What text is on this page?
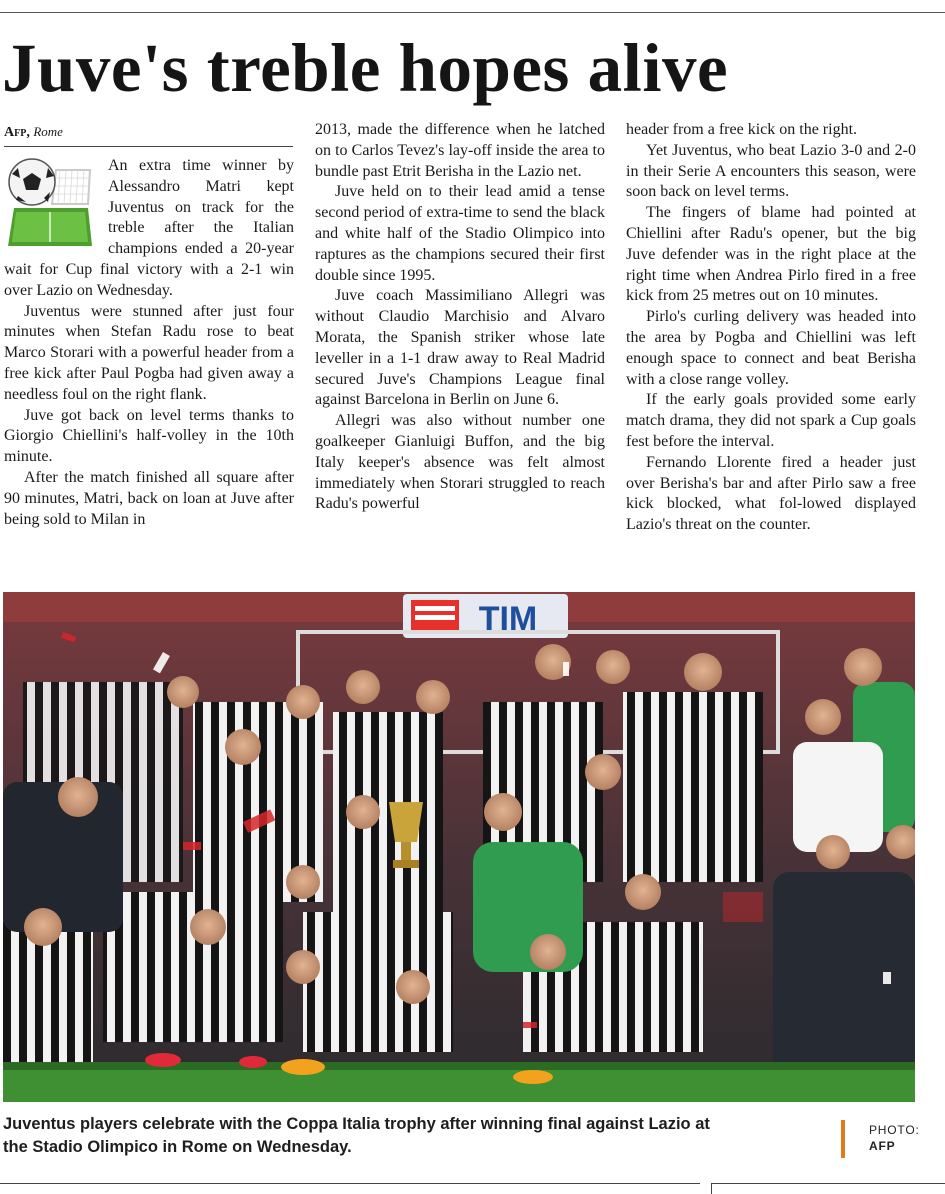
Juve's treble hopes alive
Afp, Rome

An extra time winner by Alessandro Matri kept Juventus on track for the treble after the Italian champions ended a 20-year wait for Cup final victory with a 2-1 win over Lazio on Wednesday.

Juventus were stunned after just four minutes when Stefan Radu rose to beat Marco Storari with a powerful header from a free kick after Paul Pogba had given away a needless foul on the right flank.

Juve got back on level terms thanks to Giorgio Chiellini's half-volley in the 10th minute.

After the match finished all square after 90 minutes, Matri, back on loan at Juve after being sold to Milan in

2013, made the difference when he latched on to Carlos Tevez's lay-off inside the area to bundle past Etrit Berisha in the Lazio net.

Juve held on to their lead amid a tense second period of extra-time to send the black and white half of the Stadio Olimpico into raptures as the champions secured their first double since 1995.

Juve coach Massimiliano Allegri was without Claudio Marchisio and Alvaro Morata, the Spanish striker whose late leveller in a 1-1 draw away to Real Madrid secured Juve's Champions League final against Barcelona in Berlin on June 6.

Allegri was also without number one goalkeeper Gianluigi Buffon, and the big Italy keeper's absence was felt almost immediately when Storari struggled to reach Radu's powerful

header from a free kick on the right.

Yet Juventus, who beat Lazio 3-0 and 2-0 in their Serie A encounters this season, were soon back on level terms.

The fingers of blame had pointed at Chiellini after Radu's opener, but the big Juve defender was in the right place at the right time when Andrea Pirlo fired in a free kick from 25 metres out on 10 minutes.

Pirlo's curling delivery was headed into the area by Pogba and Chiellini was left enough space to connect and beat Berisha with a close range volley.

If the early goals provided some early match drama, they did not spark a Cup goals fest before the interval.

Fernando Llorente fired a header just over Berisha's bar and after Pirlo saw a free kick blocked, what fol-lowed displayed Lazio's threat on the counter.

TIM
Juventus players celebrate with the Coppa Italia trophy after winning final against Lazio at the Stadio Olimpico in Rome on Wednesday.
PHOTO:
AFP
